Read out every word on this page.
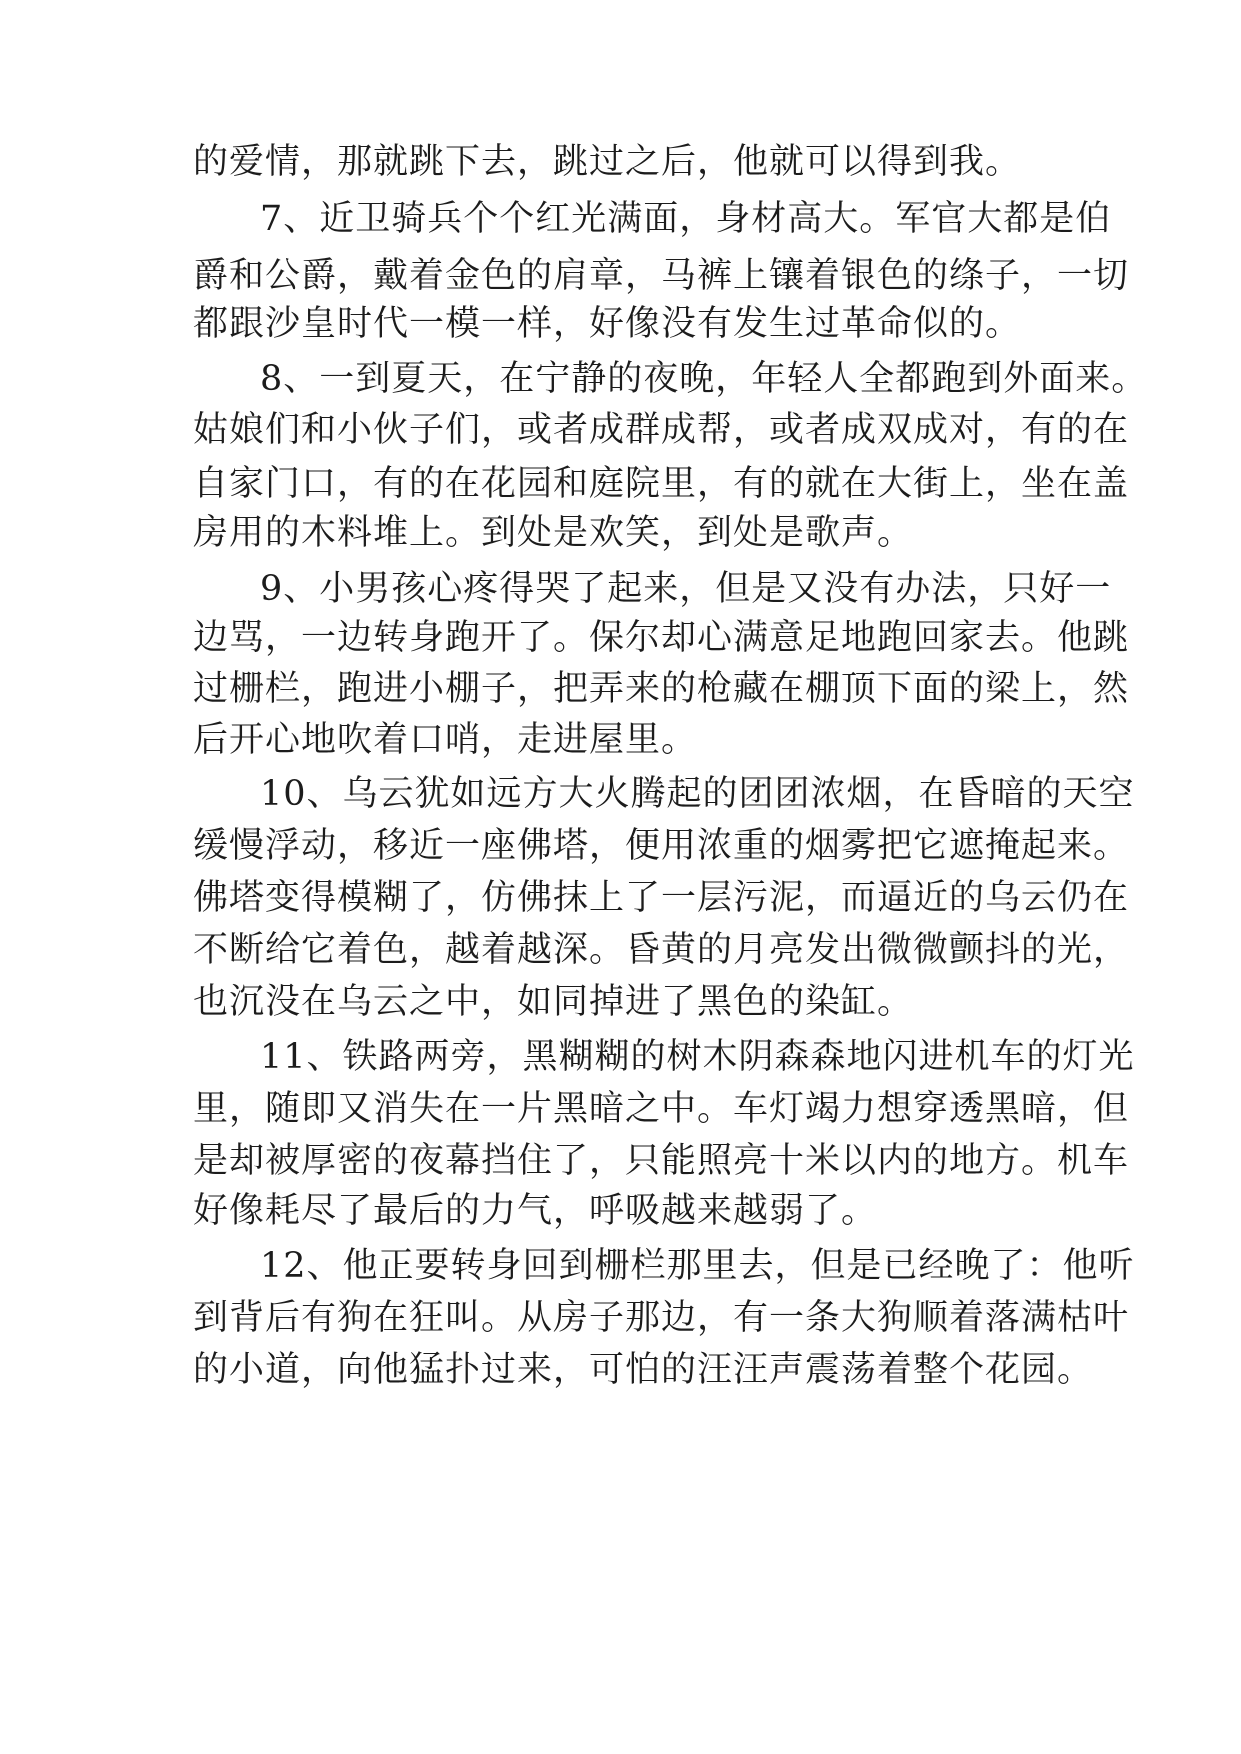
的爱情，那就跳下去，跳过之后，他就可以得到我。
7、近卫骑兵个个红光满面，身材高大。军官大都是伯
爵和公爵，戴着金色的肩章，马裤上镶着银色的绦子，一切
都跟沙皇时代一模一样，好像没有发生过革命似的。
8、一到夏天，在宁静的夜晚，年轻人全都跑到外面来。
姑娘们和小伙子们，或者成群成帮，或者成双成对，有的在
自家门口，有的在花园和庭院里，有的就在大街上，坐在盖
房用的木料堆上。到处是欢笑，到处是歌声。
9、小男孩心疼得哭了起来，但是又没有办法，只好一
边骂，一边转身跑开了。保尔却心满意足地跑回家去。他跳
过栅栏，跑进小棚子，把弄来的枪藏在棚顶下面的梁上，然
后开心地吹着口哨，走进屋里。
10、乌云犹如远方大火腾起的团团浓烟，在昏暗的天空
缓慢浮动，移近一座佛塔，便用浓重的烟雾把它遮掩起来。
佛塔变得模糊了，仿佛抹上了一层污泥，而逼近的乌云仍在
不断给它着色，越着越深。昏黄的月亮发出微微颤抖的光，
也沉没在乌云之中，如同掉进了黑色的染缸。
11、铁路两旁，黑糊糊的树木阴森森地闪进机车的灯光
里，随即又消失在一片黑暗之中。车灯竭力想穿透黑暗，但
是却被厚密的夜幕挡住了，只能照亮十米以内的地方。机车
好像耗尽了最后的力气，呼吸越来越弱了。
12、他正要转身回到栅栏那里去，但是已经晚了：他听
到背后有狗在狂叫。从房子那边，有一条大狗顺着落满枯叶
的小道，向他猛扑过来，可怕的汪汪声震荡着整个花园。
